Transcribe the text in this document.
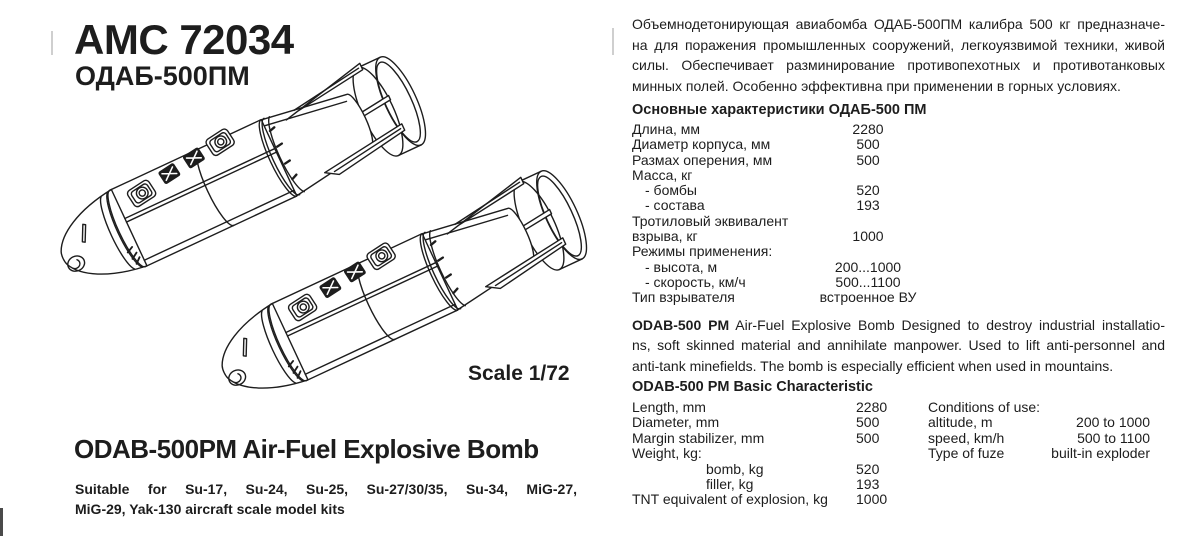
AMC 72034
ОДАБ-500ПМ
Scale 1/72
ODAB-500PM Air-Fuel Explosive Bomb
Suitable for Su-17, Su-24, Su-25, Su-27/30/35, Su-34, MiG-27,
MiG-29, Yak-130 aircraft scale model kits
Объемнодетонирующая авиабомба ОДАБ-500ПМ калибра 500 кг предназначе-
на для поражения промышленных сооружений, легкоуязвимой техники, живой
силы. Обеспечивает разминирование противопехотных и противотанковых
минных полей. Особенно эффективна при применении в горных условиях.
Основные характеристики ОДАБ-500 ПМ
Длина, мм	2280
Диаметр корпуса, мм	500
Размах оперения, мм	500
Масса, кг
- бомбы	520
- состава	193
Тротиловый эквивалент
взрыва, кг	1000
Режимы применения:
- высота, м	200...1000
- скорость, км/ч	500...1100
Тип взрывателя	встроенное ВУ
ODAB-500 PM Air-Fuel Explosive Bomb Designed to destroy industrial installatio-
ns, soft skinned material and annihilate manpower. Used to lift anti-personnel and
anti-tank minefields. The bomb is especially efficient when used in mountains.
ODAB-500 PM Basic Characteristic
Length, mm	2280
Diameter, mm	500
Margin stabilizer, mm	500
Weight, kg:
bomb, kg	520
filler, kg	193
TNT equivalent of explosion, kg 1000
Conditions of use:
altitude, m	200 to 1000
speed, km/h	500 to 1100
Type of fuze	built-in exploder
